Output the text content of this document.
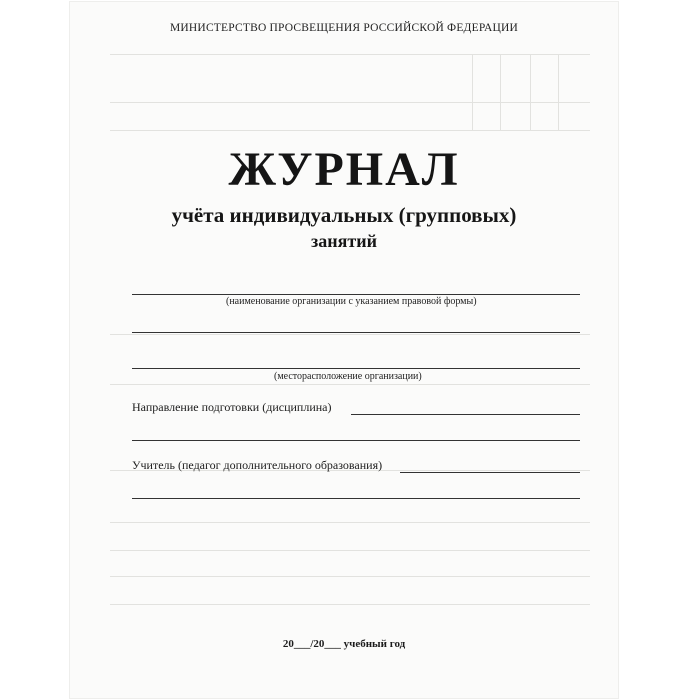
МИНИСТЕРСТВО ПРОСВЕЩЕНИЯ РОССИЙСКОЙ ФЕДЕРАЦИИ
ЖУРНАЛ
учёта индивидуальных (групповых)
занятий
(наименование организации с указанием правовой формы)
(месторасположение организации)
Направление подготовки (дисциплина)
Учитель (педагог дополнительного образования)
20___/20___ учебный год
